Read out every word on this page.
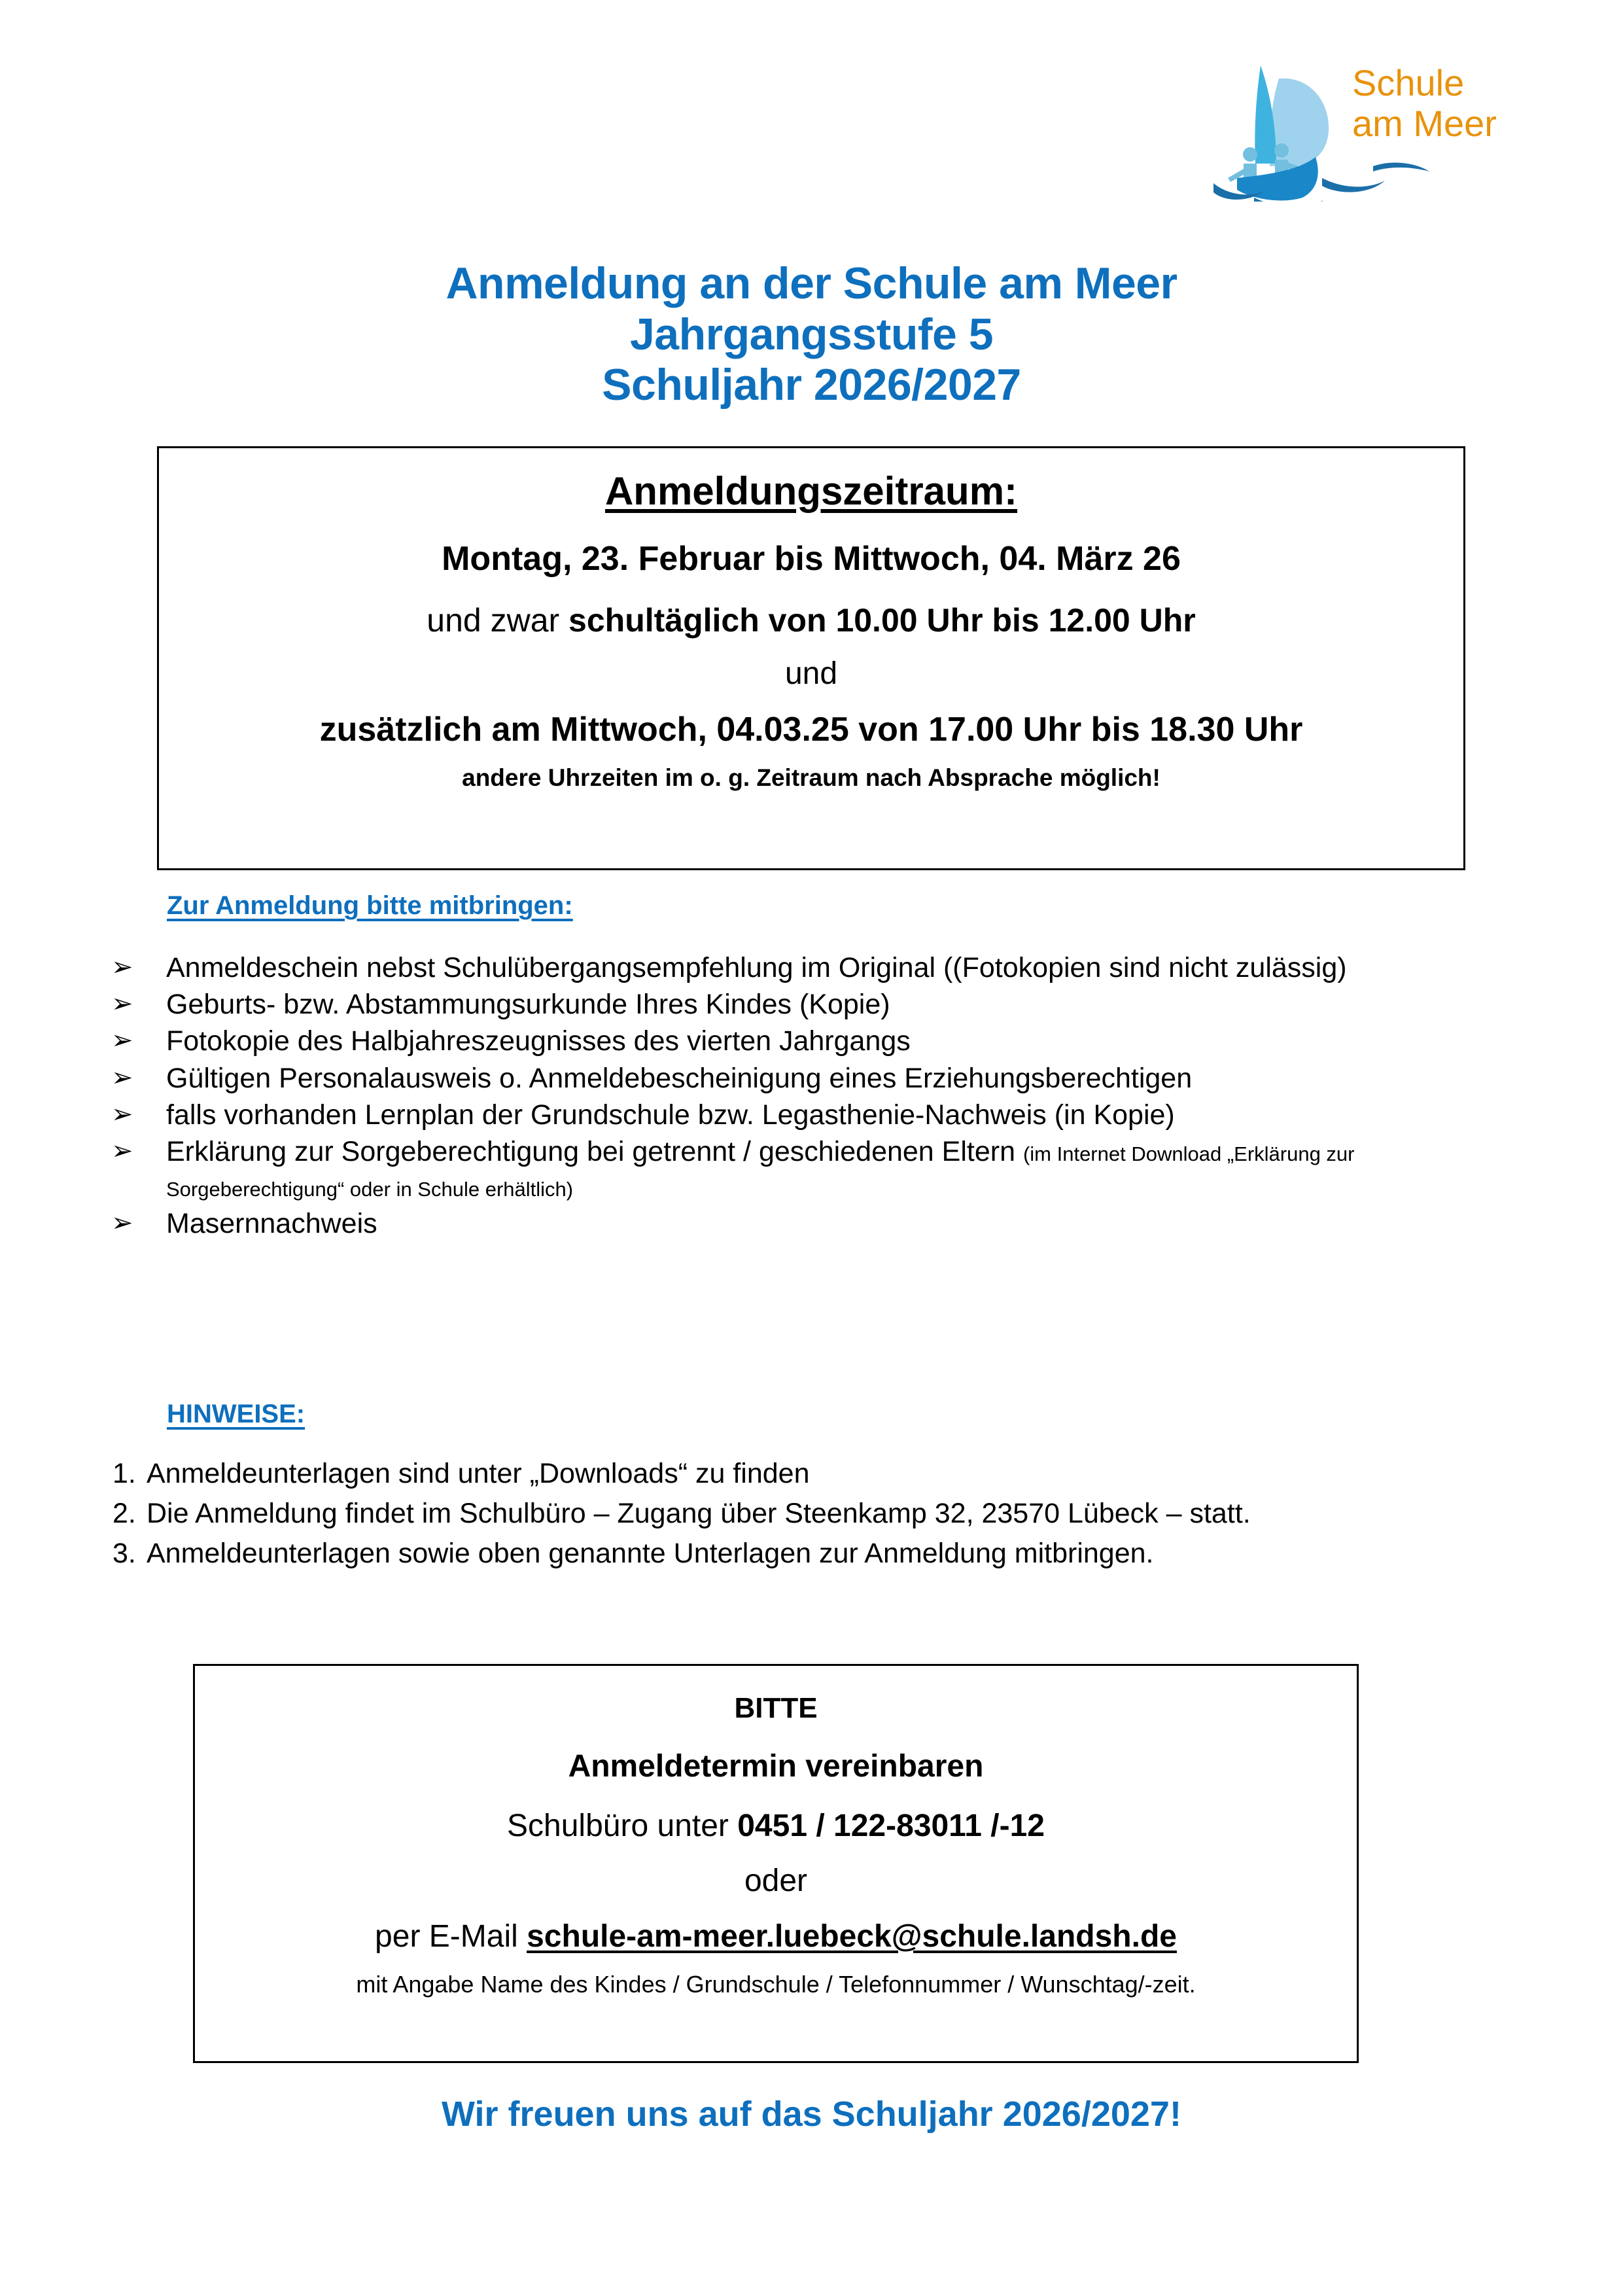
Schule
am Meer
Anmeldung an der Schule am Meer
Jahrgangsstufe 5
Schuljahr 2026/2027
Anmeldungszeitraum:
Montag, 23. Februar bis Mittwoch, 04. März 26
und zwar schultäglich von 10.00 Uhr bis 12.00 Uhr
und
zusätzlich am Mittwoch, 04.03.25 von 17.00 Uhr bis 18.30 Uhr
andere Uhrzeiten im o. g. Zeitraum nach Absprache möglich!
Zur Anmeldung bitte mitbringen:
➢	Anmeldeschein nebst Schulübergangsempfehlung im Original ((Fotokopien sind nicht zulässig)
➢	Geburts- bzw. Abstammungsurkunde Ihres Kindes (Kopie)
➢	Fotokopie des Halbjahreszeugnisses des vierten Jahrgangs
➢	Gültigen Personalausweis o. Anmeldebescheinigung eines Erziehungsberechtigen
➢	falls vorhanden Lernplan der Grundschule bzw. Legasthenie-Nachweis (in Kopie)
➢	Erklärung zur Sorgeberechtigung bei getrennt / geschiedenen Eltern (im Internet Download „Erklärung zur Sorgeberechtigung“ oder in Schule erhältlich)
➢	Masernnachweis
HINWEISE:
1. Anmeldeunterlagen sind unter „Downloads“ zu finden
2. Die Anmeldung findet im Schulbüro – Zugang über Steenkamp 32, 23570 Lübeck – statt.
3. Anmeldeunterlagen sowie oben genannte Unterlagen zur Anmeldung mitbringen.
BITTE
Anmeldetermin vereinbaren
Schulbüro unter 0451 / 122-83011 /-12
oder
per E-Mail schule-am-meer.luebeck@schule.landsh.de
mit Angabe Name des Kindes / Grundschule / Telefonnummer / Wunschtag/-zeit.
Wir freuen uns auf das Schuljahr 2026/2027!
